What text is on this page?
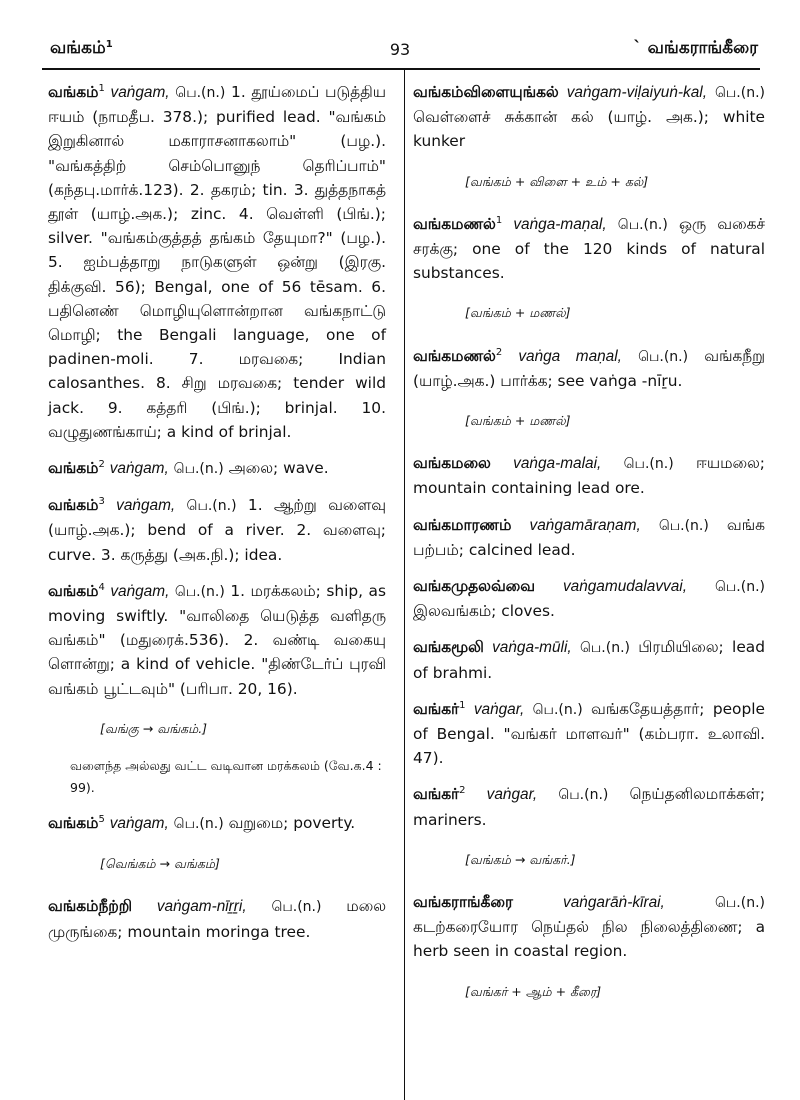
வங்கம்$^1$	93	` வங்கராங்கீரை
வங்கம்$^1$ vaṅgam, பெ.(n.) 1. தூய்மைப் படுத்திய ஈயம் (நாமதீப. 378.); purified lead. "வங்கம் இறுகினால் மகாராசனாகலாம்" (பழ.). "வங்கத்திற் செம்பொனுந் தெரிப்பாம்" (கந்தபு.மார்க்.123). 2. தகரம்; tin. 3. துத்தநாகத் தூள் (யாழ்.அக.); zinc. 4. வெள்ளி (பிங்.); silver. "வங்கம்குத்தத் தங்கம் தேயுமா?" (பழ.). 5. ஐம்பத்தாறு நாடுகளுள் ஒன்று (இரகு. திக்குவி. 56); Bengal, one of 56 tēsam. 6. பதினெண் மொழியுளொன்றான வங்கநாட்டு மொழி; the Bengali language, one of padinen-moli. 7. மரவகை; Indian calosanthes. 8. சிறு மரவகை; tender wild jack. 9. கத்தரி (பிங்.); brinjal. 10. வழுதுணங்காய்; a kind of brinjal.
வங்கம்$^2$ vaṅgam, பெ.(n.) அலை; wave.
வங்கம்$^3$ vaṅgam, பெ.(n.) 1. ஆற்று வளைவு (யாழ்.அக.); bend of a river. 2. வளைவு; curve. 3. கருத்து (அக.நி.); idea.
வங்கம்$^4$ vaṅgam, பெ.(n.) 1. மரக்கலம்; ship, as moving swiftly. "வாலிதை யெடுத்த வளிதரு வங்கம்" (மதுரைக்.536). 2. வண்டி வகையு ளொன்று; a kind of vehicle. "திண்டேர்ப் புரவி வங்கம் பூட்டவும்" (பரிபா. 20, 16).
[வங்கு → வங்கம்.]
வளைந்த அல்லது வட்ட வடிவான மரக்கலம் (வே.க.4 : 99).
வங்கம்$^5$ vaṅgam, பெ.(n.) வறுமை; poverty.
[வெங்கம் → வங்கம்]
வங்கம்நீற்றி vaṅgam-nīṟṟi, பெ.(n.) மலை முருங்கை; mountain moringa tree.
வங்கம்விளையுங்கல் vaṅgam-viḷaiyuṅ-kal, பெ.(n.) வெள்ளைச் சுக்கான் கல் (யாழ். அக.); white kunker
[வங்கம் + விளை + உம் + கல்]
வங்கமணல்$^1$ vaṅga-maṇal, பெ.(n.) ஒரு வகைச் சரக்கு; one of the 120 kinds of natural substances.
[வங்கம் + மணல்]
வங்கமணல்$^2$ vaṅga maṇal, பெ.(n.) வங்கநீறு (யாழ்.அக.) பார்க்க; see vaṅga -nīṟu.
[வங்கம் + மணல்]
வங்கமலை vaṅga-malai, பெ.(n.) ஈயமலை; mountain containing lead ore.
வங்கமாரணம் vaṅgamāraṇam, பெ.(n.) வங்க பற்பம்; calcined lead.
வங்கமுதலவ்வை vaṅgamudalavvai, பெ.(n.) இலவங்கம்; cloves.
வங்கமூலி vaṅga-mūli, பெ.(n.) பிரமியிலை; lead of brahmi.
வங்கர்$^1$ vaṅgar, பெ.(n.) வங்கதேயத்தார்; people of Bengal. "வங்கர் மாளவர்" (கம்பரா. உலாவி. 47).
வங்கர்$^2$ vaṅgar, பெ.(n.) நெய்தனிலமாக்கள்; mariners.
[வங்கம் → வங்கர்.]
வங்கராங்கீரை	vaṅgarāṅ-kīrai,	பெ.(n.) கடற்கரையோர நெய்தல் நில நிலைத்திணை; a herb seen in coastal region.
[வங்கர் + ஆம் + கீரை]
